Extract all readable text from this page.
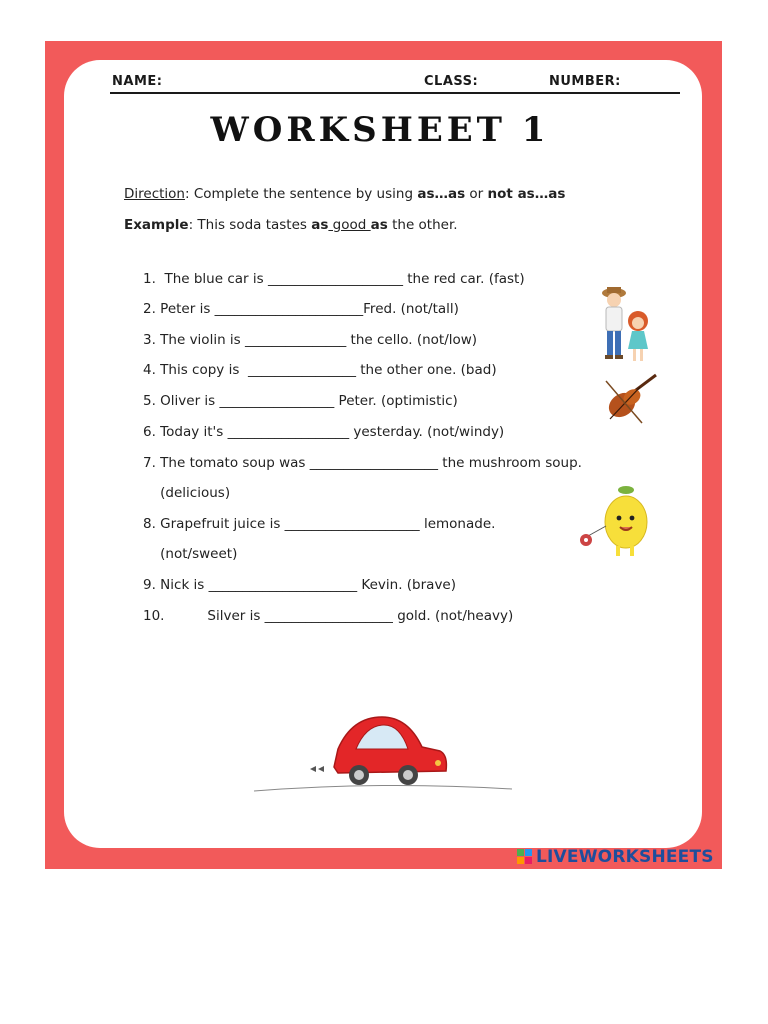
NAME:	CLASS:	NUMBER:
WORKSHEET 1
Direction: Complete the sentence by using as…as or not as…as
Example: This soda tastes as good as the other.
1.  The blue car is ____________________ the red car. (fast)
2. Peter is ______________________Fred. (not/tall)
3. The violin is _______________ the cello. (not/low)
4. This copy is  ________________ the other one. (bad)
5. Oliver is _________________ Peter. (optimistic)
6. Today it's __________________ yesterday. (not/windy)
7. The tomato soup was ___________________ the mushroom soup.
(delicious)
8. Grapefruit juice is ____________________ lemonade.
(not/sweet)
9. Nick is ______________________ Kevin. (brave)
10.          Silver is ___________________ gold. (not/heavy)
LIVEWORKSHEETS
